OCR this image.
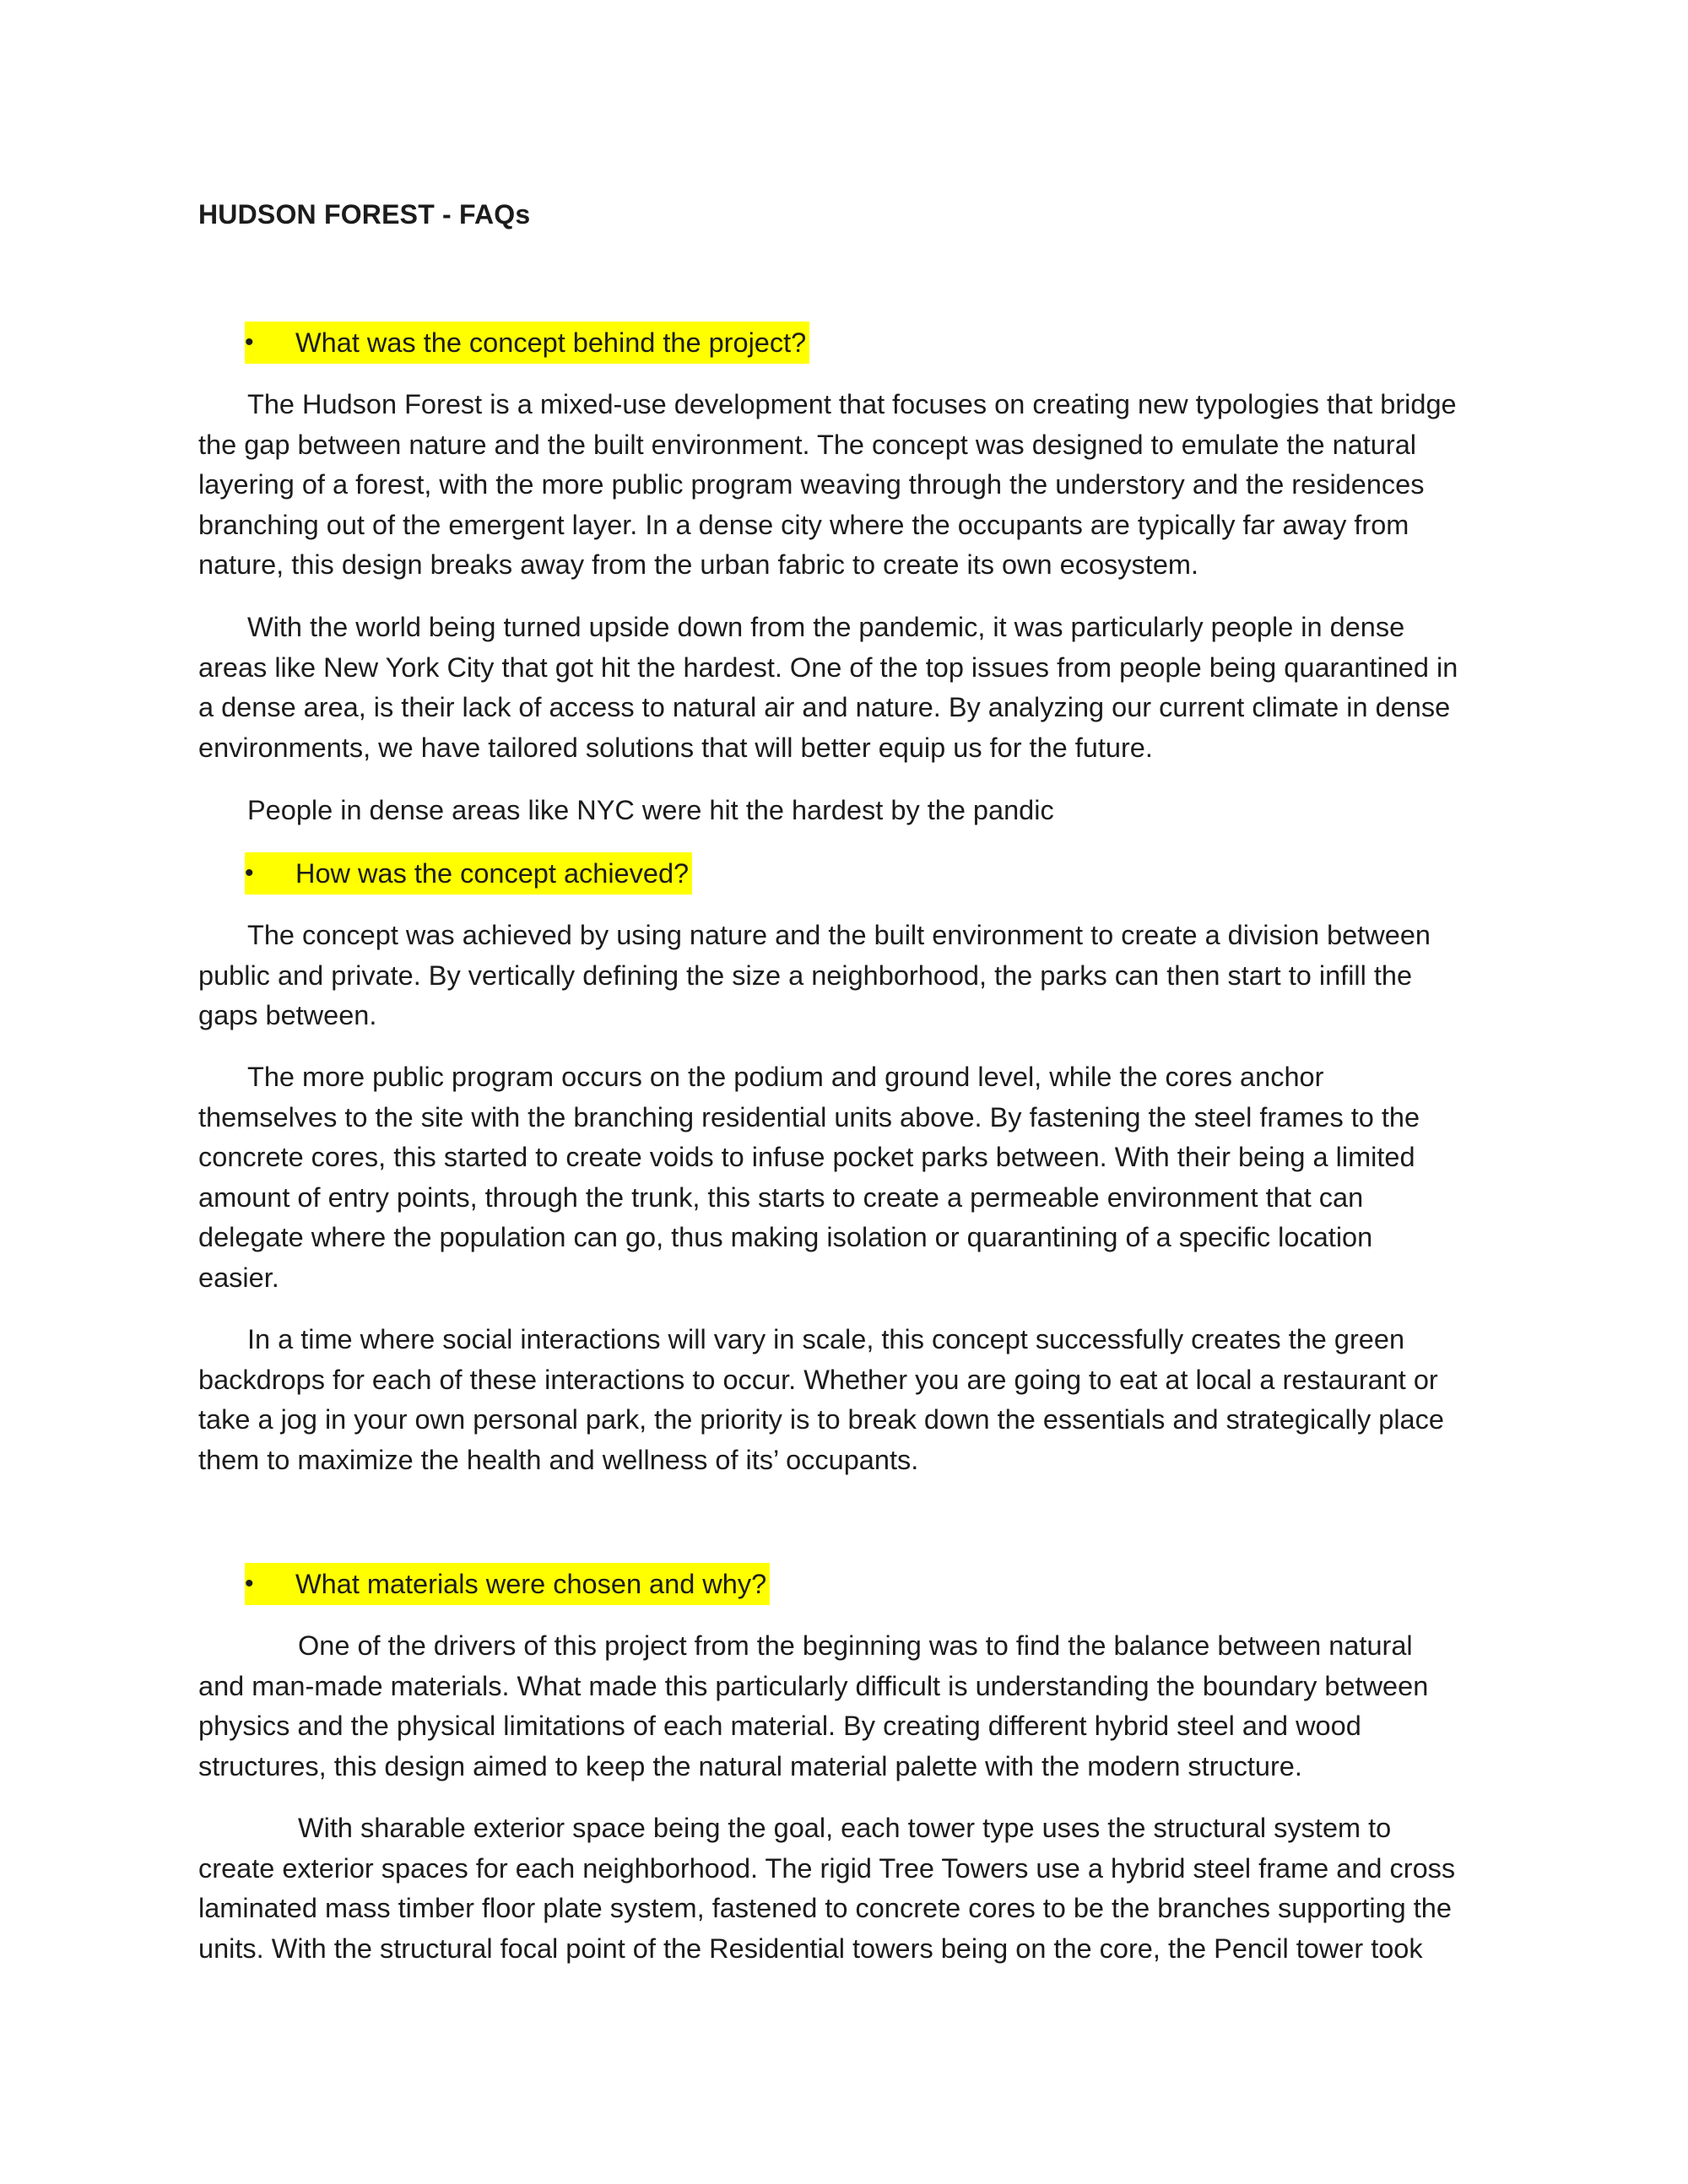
HUDSON FOREST - FAQs
•	What was the concept behind the project?
The Hudson Forest is a mixed-use development that focuses on creating new typologies that bridge
the gap between nature and the built environment. The concept was designed to emulate the natural
layering of a forest, with the more public program weaving through the understory and the residences
branching out of the emergent layer. In a dense city where the occupants are typically far away from
nature, this design breaks away from the urban fabric to create its own ecosystem.
With the world being turned upside down from the pandemic, it was particularly people in dense
areas like New York City that got hit the hardest. One of the top issues from people being quarantined in
a dense area, is their lack of access to natural air and nature. By analyzing our current climate in dense
environments, we have tailored solutions that will better equip us for the future.
People in dense areas like NYC were hit the hardest by the pandic
•	How was the concept achieved?
The concept was achieved by using nature and the built environment to create a division between
public and private. By vertically defining the size a neighborhood, the parks can then start to infill the
gaps between.
The more public program occurs on the podium and ground level, while the cores anchor
themselves to the site with the branching residential units above. By fastening the steel frames to the
concrete cores, this started to create voids to infuse pocket parks between. With their being a limited
amount of entry points, through the trunk, this starts to create a permeable environment that can
delegate where the population can go, thus making isolation or quarantining of a specific location
easier.
In a time where social interactions will vary in scale, this concept successfully creates the green
backdrops for each of these interactions to occur. Whether you are going to eat at local a restaurant or
take a jog in your own personal park, the priority is to break down the essentials and strategically place
them to maximize the health and wellness of its’ occupants.
•	What materials were chosen and why?
One of the drivers of this project from the beginning was to find the balance between natural
and man-made materials. What made this particularly difficult is understanding the boundary between
physics and the physical limitations of each material. By creating different hybrid steel and wood
structures, this design aimed to keep the natural material palette with the modern structure.
With sharable exterior space being the goal, each tower type uses the structural system to
create exterior spaces for each neighborhood. The rigid Tree Towers use a hybrid steel frame and cross
laminated mass timber floor plate system, fastened to concrete cores to be the branches supporting the
units. With the structural focal point of the Residential towers being on the core, the Pencil tower took
